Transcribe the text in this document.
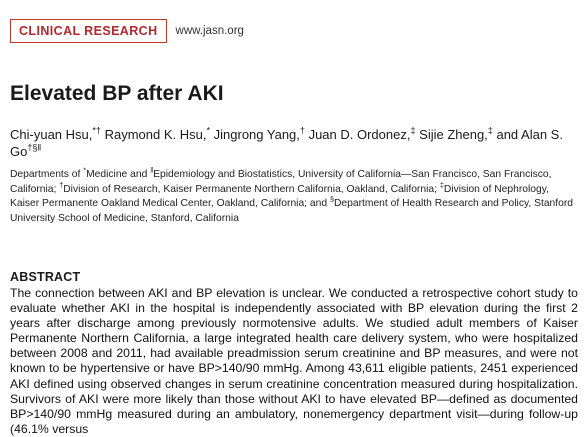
CLINICAL RESEARCH	www.jasn.org
Elevated BP after AKI

Chi-yuan Hsu,*† Raymond K. Hsu,* Jingrong Yang,† Juan D. Ordonez,‡ Sijie Zheng,‡ and Alan S. Go†§‖

Departments of *Medicine and ‖Epidemiology and Biostatistics, University of California—San Francisco, San Francisco, California; †Division of Research, Kaiser Permanente Northern California, Oakland, California; ‡Division of Nephrology, Kaiser Permanente Oakland Medical Center, Oakland, California; and §Department of Health Research and Policy, Stanford University School of Medicine, Stanford, California

ABSTRACT

The connection between AKI and BP elevation is unclear. We conducted a retrospective cohort study to evaluate whether AKI in the hospital is independently associated with BP elevation during the first 2 years after discharge among previously normotensive adults. We studied adult members of Kaiser Permanente Northern California, a large integrated health care delivery system, who were hospitalized between 2008 and 2011, had available preadmission serum creatinine and BP measures, and were not known to be hypertensive or have BP>140/90 mmHg. Among 43,611 eligible patients, 2451 experienced AKI defined using observed changes in serum creatinine concentration measured during hospitalization. Survivors of AKI were more likely than those without AKI to have elevated BP—defined as documented BP>140/90 mmHg measured during an ambulatory, nonemergency department visit—during follow-up (46.1% versus
